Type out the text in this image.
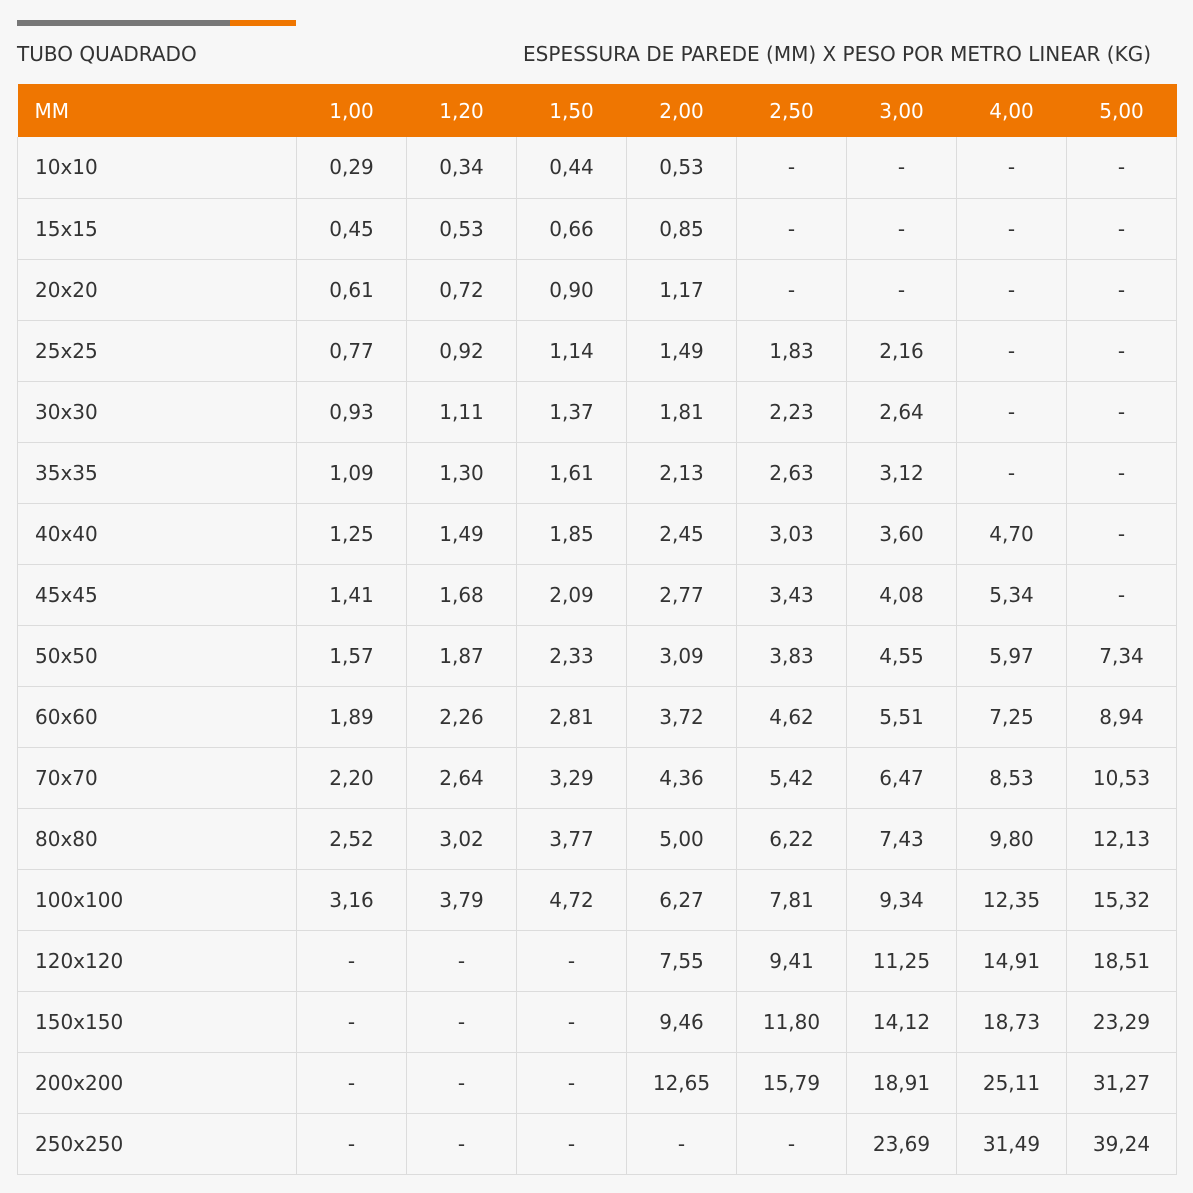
TUBO QUADRADO	ESPESSURA DE PAREDE (MM) X PESO POR METRO LINEAR (KG)
MM	1,00	1,20	1,50	2,00	2,50	3,00	4,00	5,00
10x10	0,29	0,34	0,44	0,53	-	-	-	-
15x15	0,45	0,53	0,66	0,85	-	-	-	-
20x20	0,61	0,72	0,90	1,17	-	-	-	-
25x25	0,77	0,92	1,14	1,49	1,83	2,16	-	-
30x30	0,93	1,11	1,37	1,81	2,23	2,64	-	-
35x35	1,09	1,30	1,61	2,13	2,63	3,12	-	-
40x40	1,25	1,49	1,85	2,45	3,03	3,60	4,70	-
45x45	1,41	1,68	2,09	2,77	3,43	4,08	5,34	-
50x50	1,57	1,87	2,33	3,09	3,83	4,55	5,97	7,34
60x60	1,89	2,26	2,81	3,72	4,62	5,51	7,25	8,94
70x70	2,20	2,64	3,29	4,36	5,42	6,47	8,53	10,53
80x80	2,52	3,02	3,77	5,00	6,22	7,43	9,80	12,13
100x100	3,16	3,79	4,72	6,27	7,81	9,34	12,35	15,32
120x120	-	-	-	7,55	9,41	11,25	14,91	18,51
150x150	-	-	-	9,46	11,80	14,12	18,73	23,29
200x200	-	-	-	12,65	15,79	18,91	25,11	31,27
250x250	-	-	-	-	-	23,69	31,49	39,24
